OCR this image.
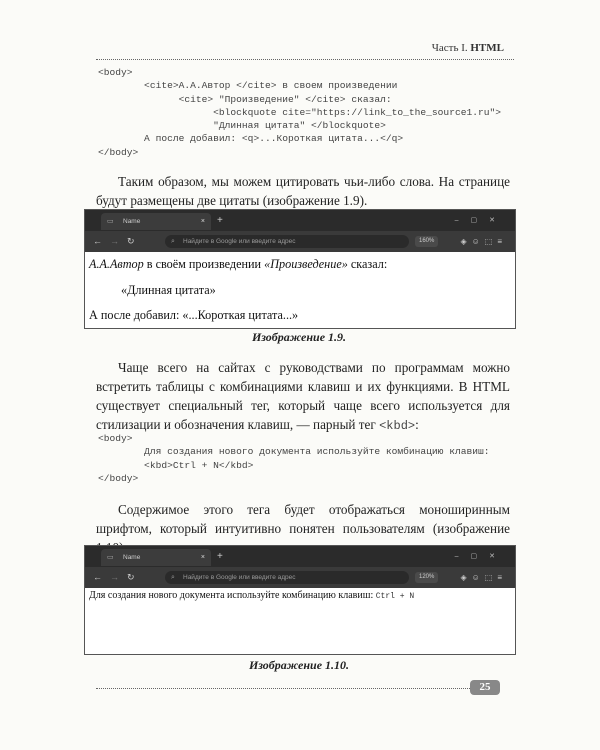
Часть I. HTML
<body>
<cite>А.А.Автор </cite> в своем произведении
<cite> "Произведение" </cite> сказал:
<blockquote cite="https://link_to_the_source1.ru">
"Длинная цитата" </blockquote>
А после добавил: <q>...Короткая цитата...</q>
</body>

Таким образом, мы можем цитировать чьи-либо слова. На странице будут размещены две цитаты (изображение 1.9).

▭ Name	× +	–▢✕
← → ↻	⌕ Найдите в Google или введите адрес	160%	◈☺⬚≡
А.А.Автор в своём произведении «Произведение» сказал:
«Длинная цитата»
А после добавил: «...Короткая цитата...»
Изображение 1.9.

Чаще всего на сайтах с руководствами по программам можно встретить таблицы с комбинациями клавиш и их функциями. В HTML существует специальный тег, который чаще всего используется для стилизации и обозначения клавиш, — парный тег <kbd>:

<body>
Для создания нового документа используйте комбинацию клавиш:
<kbd>Ctrl + N</kbd>
</body>

Содержимое этого тега будет отображаться моноширинным шрифтом, который интуитивно понятен пользователям (изображение

▭ Name	× +	–▢✕
← → ↻	⌕ Найдите в Google или введите адрес	120%	◈☺⬚≡
Для создания нового документа используйте комбинацию клавиш: Ctrl + N
Изображение 1.10.
25
